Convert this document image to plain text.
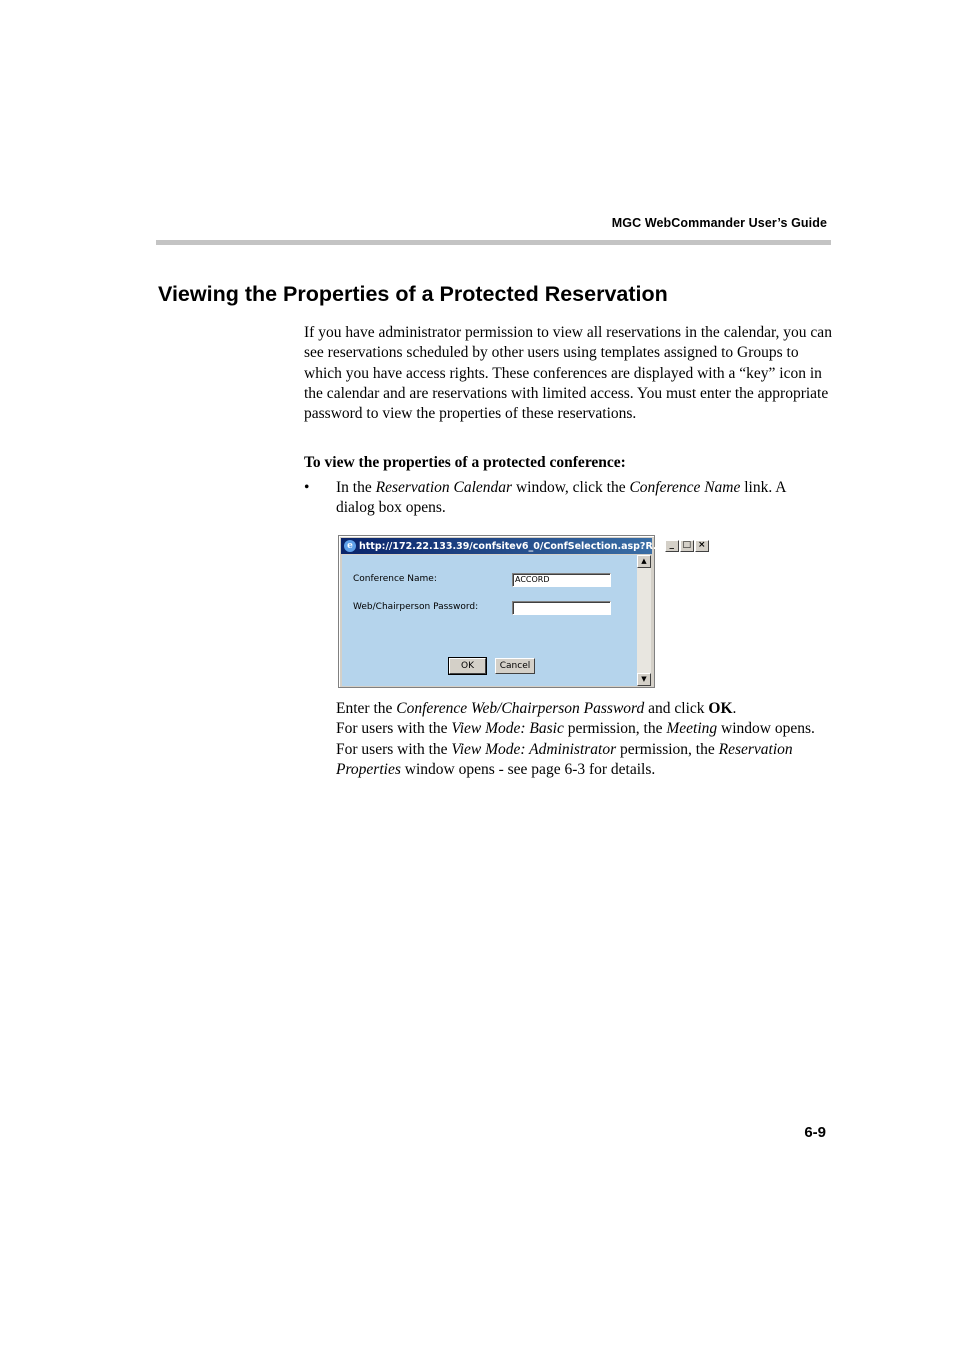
MGC WebCommander User’s Guide
Viewing the Properties of a Protected Reservation

If you have administrator permission to view all reservations in the calendar, you can see reservations scheduled by other users using templates assigned to Groups to which you have access rights. These conferences are displayed with a “key” icon in the calendar and are reservations with limited access. You must enter the appropriate password to view the properties of these reservations.

To view the properties of a protected conference:

• In the Reservation Calendar window, click the Conference Name link. A dialog box opens.

e http://172.22.133.39/confsitev6_0/ConfSelection.asp?R... _ □ ×
Conference Name:	ACCORD
Web/Chairperson Password:
OK	Cancel
▲
▼

Enter the Conference Web/Chairperson Password and click OK.
For users with the View Mode: Basic permission, the Meeting window opens. For users with the View Mode: Administrator permission, the Reservation Properties window opens - see page 6-3 for details.

6-9
